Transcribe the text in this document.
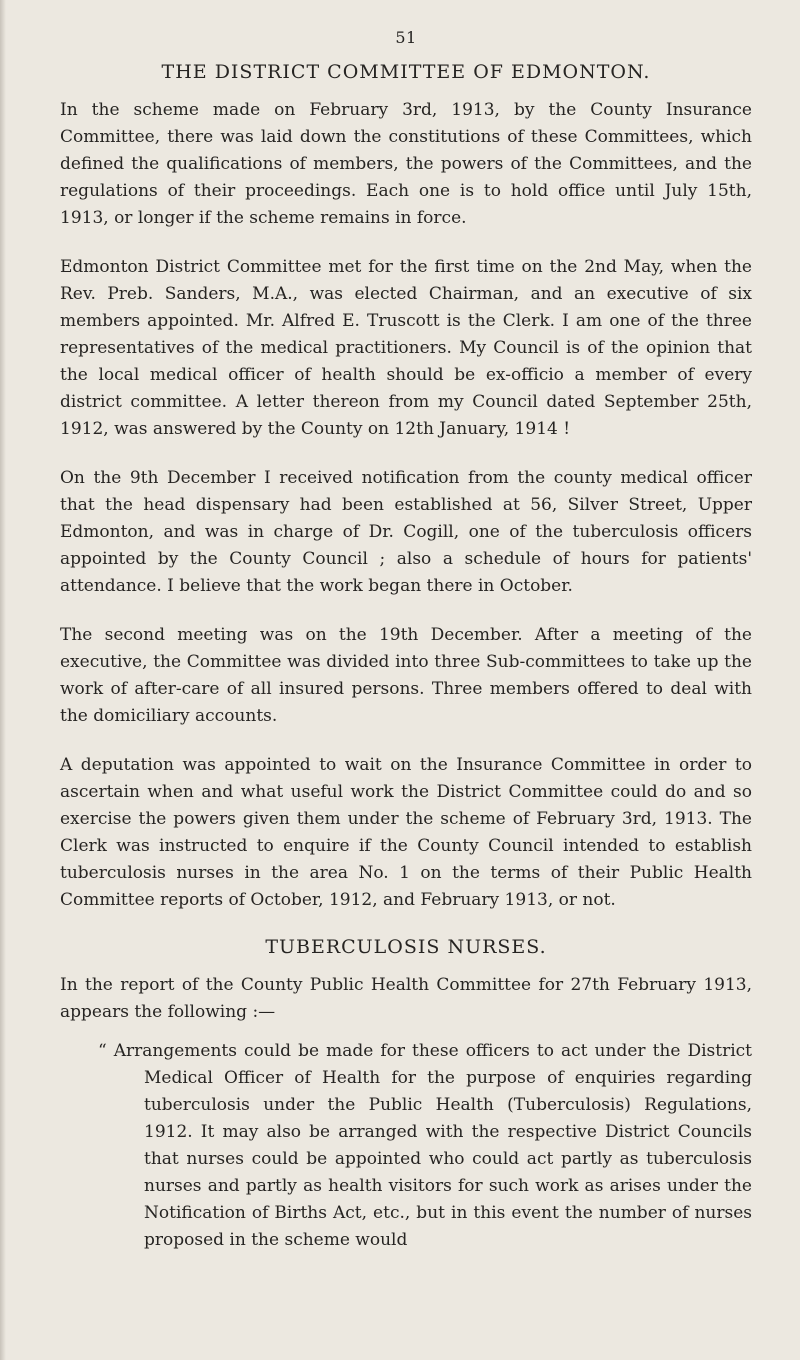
51
THE DISTRICT COMMITTEE OF EDMONTON.

In the scheme made on February 3rd, 1913, by the County Insurance Committee, there was laid down the constitutions of these Committees, which defined the qualifications of members, the powers of the Committees, and the regulations of their proceedings. Each one is to hold office until July 15th, 1913, or longer if the scheme remains in force.

Edmonton District Committee met for the first time on the 2nd May, when the Rev. Preb. Sanders, M.A., was elected Chairman, and an executive of six members appointed. Mr. Alfred E. Truscott is the Clerk. I am one of the three representatives of the medical practitioners. My Council is of the opinion that the local medical officer of health should be ex-officio a member of every district committee. A letter thereon from my Council dated September 25th, 1912, was answered by the County on 12th January, 1914 !

On the 9th December I received notification from the county medical officer that the head dispensary had been established at 56, Silver Street, Upper Edmonton, and was in charge of Dr. Cogill, one of the tuberculosis officers appointed by the County Council ; also a schedule of hours for patients' attendance. I believe that the work began there in October.

The second meeting was on the 19th December. After a meeting of the executive, the Committee was divided into three Sub-committees to take up the work of after-care of all insured persons. Three members offered to deal with the domiciliary accounts.

A deputation was appointed to wait on the Insurance Committee in order to ascertain when and what useful work the District Committee could do and so exercise the powers given them under the scheme of February 3rd, 1913. The Clerk was instructed to enquire if the County Council intended to establish tuberculosis nurses in the area No. 1 on the terms of their Public Health Committee reports of October, 1912, and February 1913, or not.

TUBERCULOSIS NURSES.

In the report of the County Public Health Committee for 27th February 1913, appears the following :—

“ Arrangements could be made for these officers to act under the District Medical Officer of Health for the purpose of enquiries regarding tuberculosis under the Public Health (Tuberculosis) Regulations, 1912. It may also be arranged with the respective District Councils that nurses could be appointed who could act partly as tuberculosis nurses and partly as health visitors for such work as arises under the Notification of Births Act, etc., but in this event the number of nurses proposed in the scheme would
